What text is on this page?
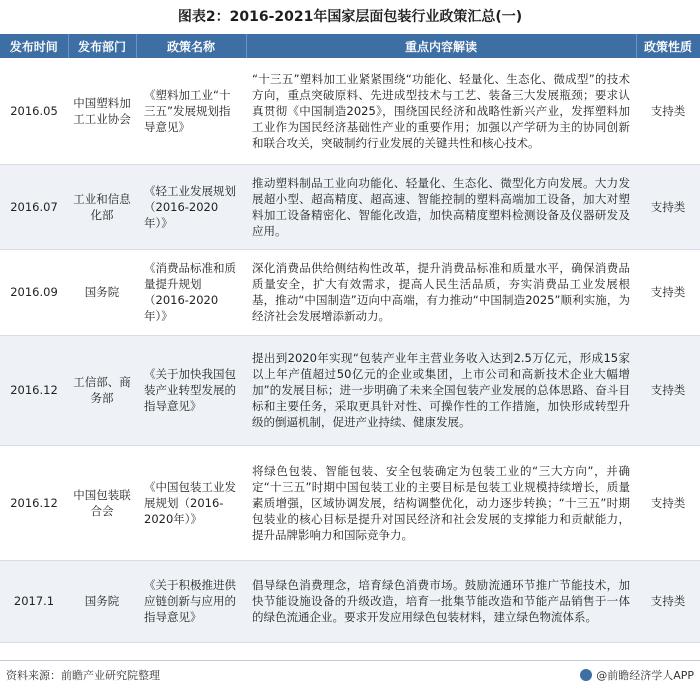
图表2：2016-2021年国家层面包装行业政策汇总(一)
发布时间	发布部门	政策名称	重点内容解读	政策性质
2016.05	中国塑料加工工业协会	《塑料加工业“十三五”发展规划指导意见》	“十三五”塑料加工业紧紧围绕“功能化、轻量化、生态化、微成型”的技术方向，重点突破原料、先进成型技术与工艺、装备三大发展瓶颈；要求认真贯彻《中国制造2025》，围绕国民经济和战略性新兴产业，发挥塑料加工业作为国民经济基础性产业的重要作用；加强以产学研为主的协同创新和联合攻关，突破制约行业发展的关键共性和核心技术。	支持类
2016.07	工业和信息化部	《轻工业发展规划（2016-2020年）》	推动塑料制品工业向功能化、轻量化、生态化、微型化方向发展。大力发展超小型、超高精度、超高速、智能控制的塑料高端加工设备，加大对塑料加工设备精密化、智能化改造，加快高精度塑料检测设备及仪器研发及应用。	支持类
2016.09	国务院	《消费品标准和质量提升规划（2016-2020年）》	深化消费品供给侧结构性改革，提升消费品标准和质量水平，确保消费品质量安全，扩大有效需求，提高人民生活品质，夯实消费品工业发展根基，推动“中国制造”迈向中高端，有力推动“中国制造2025”顺利实施，为经济社会发展增添新动力。	支持类
2016.12	工信部、商务部	《关于加快我国包装产业转型发展的指导意见》	提出到2020年实现“包装产业年主营业务收入达到2.5万亿元，形成15家以上年产值超过50亿元的企业或集团，上市公司和高新技术企业大幅增加”的发展目标；进一步明确了未来全国包装产业发展的总体思路、奋斗目标和主要任务，采取更具针对性、可操作性的工作措施，加快形成转型升级的倒逼机制，促进产业持续、健康发展。	支持类
2016.12	中国包装联合会	《中国包装工业发展规划（2016-2020年）》	将绿色包装、智能包装、安全包装确定为包装工业的“三大方向”，并确定“十三五”时期中国包装工业的主要目标是包装工业规模持续增长，质量素质增强，区域协调发展，结构调整优化，动力逐步转换；“十三五”时期包装业的核心目标是提升对国民经济和社会发展的支撑能力和贡献能力，提升品牌影响力和国际竞争力。	支持类
2017.1	国务院	《关于积极推进供应链创新与应用的指导意见》	倡导绿色消费理念，培育绿色消费市场。鼓励流通环节推广节能技术，加快节能设施设备的升级改造，培育一批集节能改造和节能产品销售于一体的绿色流通企业。要求开发应用绿色包装材料，建立绿色物流体系。	支持类
资料来源：前瞻产业研究院整理	@前瞻经济学人APP
